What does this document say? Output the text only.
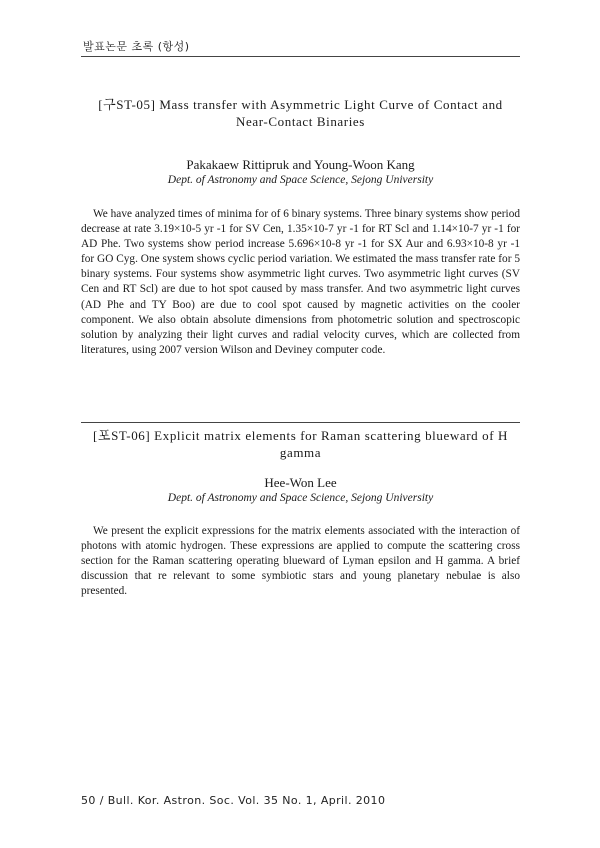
발표논문 초록 (항성)
[구ST-05] Mass transfer with Asymmetric Light Curve of Contact and Near-Contact Binaries

Pakakaew Rittipruk and Young-Woon Kang

Dept. of Astronomy and Space Science, Sejong University

We have analyzed times of minima for of 6 binary systems. Three binary systems show period decrease at rate 3.19×10-5 yr -1 for SV Cen, 1.35×10-7 yr -1 for RT Scl and 1.14×10-7 yr -1 for AD Phe. Two systems show period increase 5.696×10-8 yr -1 for SX Aur and 6.93×10-8 yr -1 for GO Cyg. One system shows cyclic period variation. We estimated the mass transfer rate for 5 binary systems. Four systems show asymmetric light curves. Two asymmetric light curves (SV Cen and RT Scl) are due to hot spot caused by mass transfer. And two asymmetric light curves (AD Phe and TY Boo) are due to cool spot caused by magnetic activities on the cooler component. We also obtain absolute dimensions from photometric solution and spectroscopic solution by analyzing their light curves and radial velocity curves, which are collected from literatures, using 2007 version Wilson and Deviney computer code.

[포ST-06] Explicit matrix elements for Raman scattering blueward of H gamma

Hee-Won Lee

Dept. of Astronomy and Space Science, Sejong University

We present the explicit expressions for the matrix elements associated with the interaction of photons with atomic hydrogen. These expressions are applied to compute the scattering cross section for the Raman scattering operating blueward of Lyman epsilon and H gamma. A brief discussion that re relevant to some symbiotic stars and young planetary nebulae is also presented.

50 / Bull. Kor. Astron. Soc. Vol. 35 No. 1, April. 2010
